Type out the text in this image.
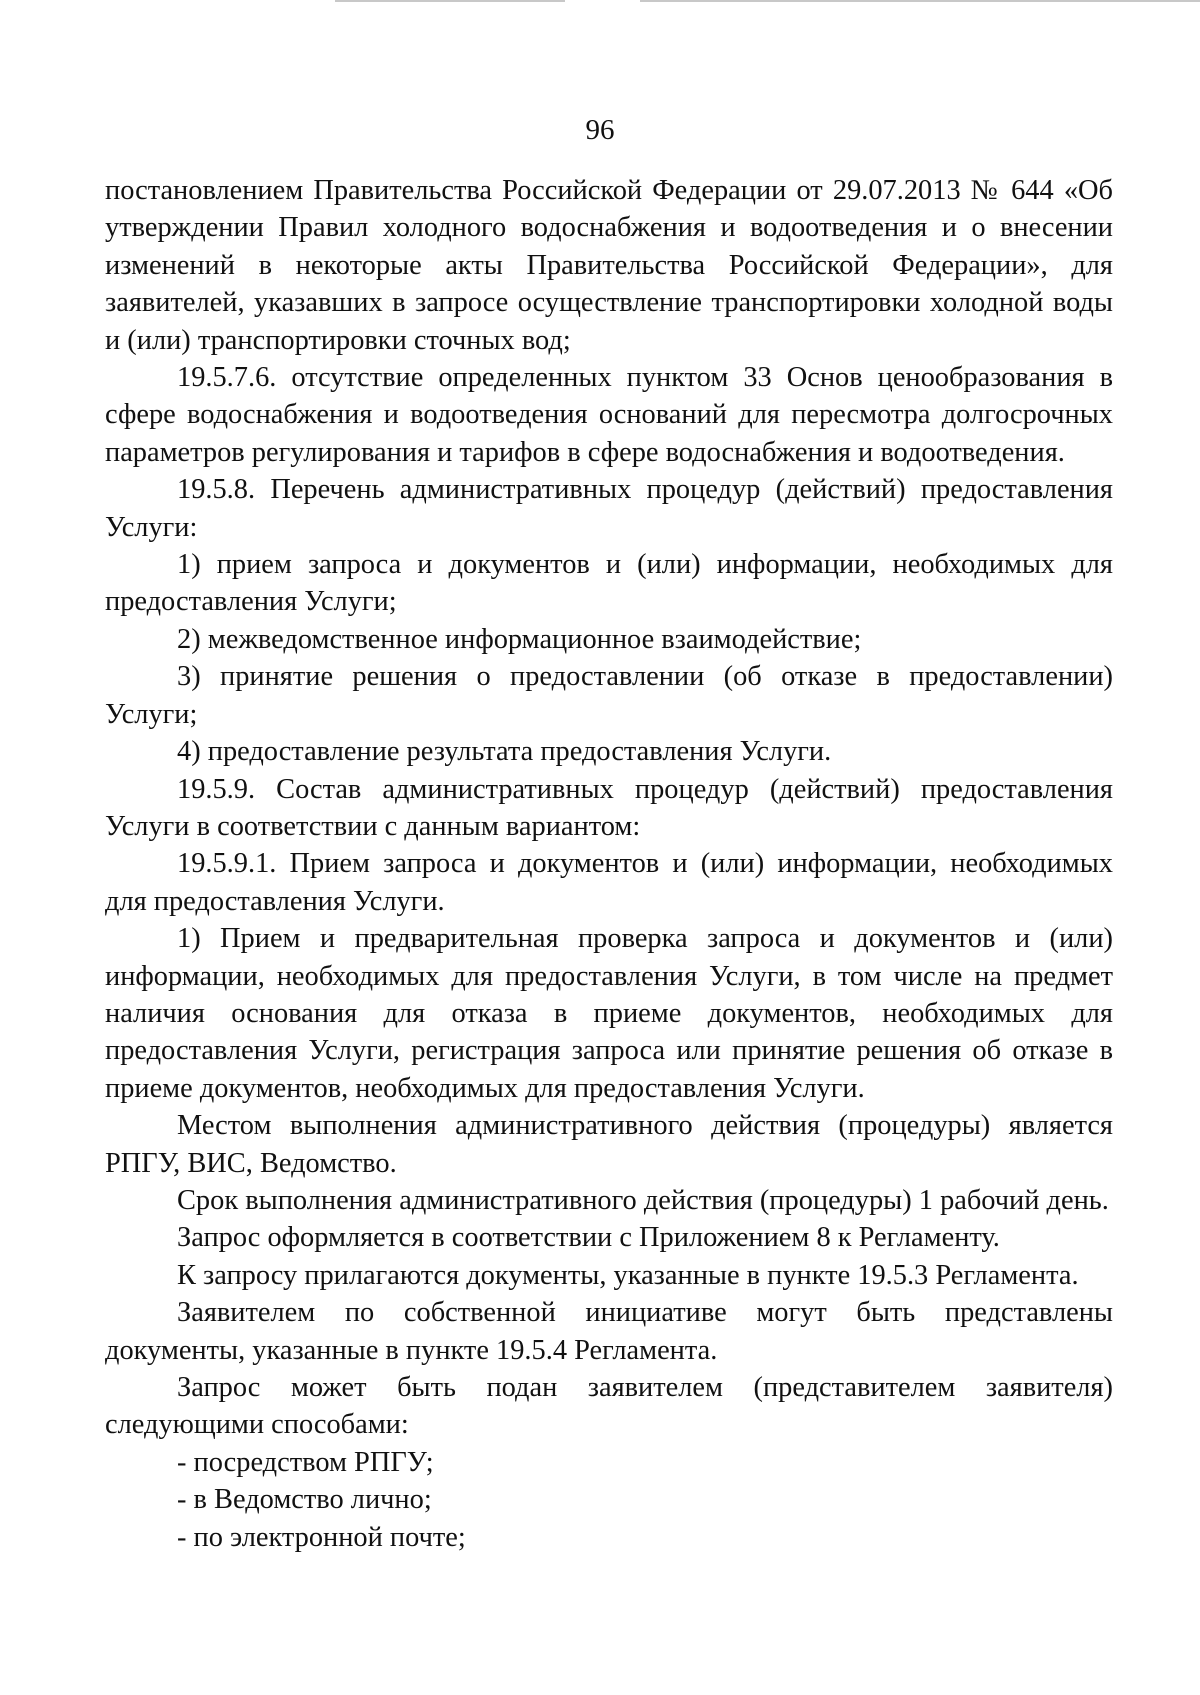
96

постановлением Правительства Российской Федерации от 29.07.2013 № 644 «Об утверждении Правил холодного водоснабжения и водоотведения и о внесении изменений в некоторые акты Правительства Российской Федерации», для заявителей, указавших в запросе осуществление транспортировки холодной воды и (или) транспортировки сточных вод;

19.5.7.6. отсутствие определенных пунктом 33 Основ ценообразования в сфере водоснабжения и водоотведения оснований для пересмотра долгосрочных параметров регулирования и тарифов в сфере водоснабжения и водоотведения.

19.5.8. Перечень административных процедур (действий) предоставления Услуги:

1) прием запроса и документов и (или) информации, необходимых для предоставления Услуги;

2) межведомственное информационное взаимодействие;

3) принятие решения о предоставлении (об отказе в предоставлении) Услуги;

4) предоставление результата предоставления Услуги.

19.5.9. Состав административных процедур (действий) предоставления Услуги в соответствии с данным вариантом:

19.5.9.1. Прием запроса и документов и (или) информации, необходимых для предоставления Услуги.

1) Прием и предварительная проверка запроса и документов и (или) информации, необходимых для предоставления Услуги, в том числе на предмет наличия основания для отказа в приеме документов, необходимых для предоставления Услуги, регистрация запроса или принятие решения об отказе в приеме документов, необходимых для предоставления Услуги.

Местом выполнения административного действия (процедуры) является РПГУ, ВИС, Ведомство.

Срок выполнения административного действия (процедуры) 1 рабочий день.

Запрос оформляется в соответствии с Приложением 8 к Регламенту.

К запросу прилагаются документы, указанные в пункте 19.5.3 Регламента.

Заявителем по собственной инициативе могут быть представлены документы, указанные в пункте 19.5.4 Регламента.

Запрос может быть подан заявителем (представителем заявителя) следующими способами:

- посредством РПГУ;

- в Ведомство лично;

- по электронной почте;
